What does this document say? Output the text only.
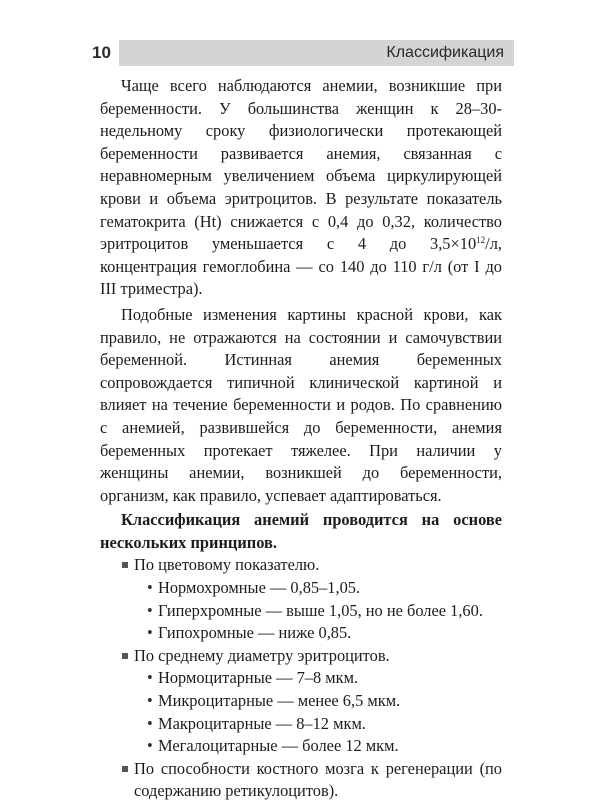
10	Классификация

Чаще всего наблюдаются анемии, возникшие при беременности. У большинства женщин к 28–30-недельному сроку физиологически протекающей беременности развивается анемия, связанная с неравномерным увеличением объема циркулирующей крови и объема эритроцитов. В результате показатель гематокрита (Ht) снижается с 0,4 до 0,32, количество эритроцитов уменьшается с 4 до $3,5\times 10^{12}/л$, концентрация гемоглобина — со 140 до 110 г/л (от I до III триместра).

Подобные изменения картины красной крови, как правило, не отражаются на состоянии и самочувствии беременной. Истинная анемия беременных сопровождается типичной клинической картиной и влияет на течение беременности и родов. По сравнению с анемией, развившейся до беременности, анемия беременных протекает тяжелее. При наличии у женщины анемии, возникшей до беременности, организм, как правило, успевает адаптироваться.

Классификация анемий проводится на основе нескольких принципов.

По цветовому показателю.
• Нормохромные — 0,85–1,05.
• Гиперхромные — выше 1,05, но не более 1,60.
• Гипохромные — ниже 0,85.
По среднему диаметру эритроцитов.
• Нормоцитарные — 7–8 мкм.
• Микроцитарные — менее 6,5 мкм.
• Макроцитарные — 8–12 мкм.
• Мегалоцитарные — более 12 мкм.
По способности костного мозга к регенерации (по содержанию ретикулоцитов).
